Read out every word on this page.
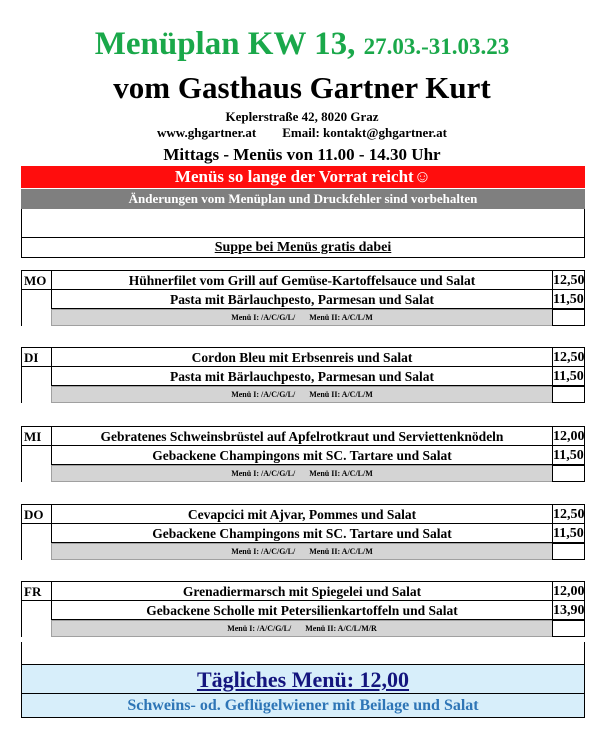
Menüplan KW 13, 27.03.-31.03.23
vom Gasthaus Gartner Kurt
Keplerstraße 42, 8020 Graz
www.ghgartner.at Email: kontakt@ghgartner.at
Mittags - Menüs von 11.00 - 14.30 Uhr
Menüs so lange der Vorrat reicht☺
Änderungen vom Menüplan und Druckfehler sind vorbehalten
Suppe bei Menüs gratis dabei
MO	Hühnerfilet vom Grill auf Gemüse-Kartoffelsauce und Salat	12,50
Pasta mit Bärlauchpesto, Parmesan und Salat	11,50
Menü I: /A/C/G/L/ Menü II: A/C/L/M
DI	Cordon Bleu mit Erbsenreis und Salat	12,50
Pasta mit Bärlauchpesto, Parmesan und Salat	11,50
Menü I: /A/C/G/L/ Menü II: A/C/L/M
MI	Gebratenes Schweinsbrüstel auf Apfelrotkraut und Serviettenknödeln	12,00
Gebackene Champingons mit SC. Tartare und Salat	11,50
Menü I: /A/C/G/L/ Menü II: A/C/L/M
DO	Cevapcici mit Ajvar, Pommes und Salat	12,50
Gebackene Champingons mit SC. Tartare und Salat	11,50
Menü I: /A/C/G/L/ Menü II: A/C/L/M
FR	Grenadiermarsch mit Spiegelei und Salat	12,00
Gebackene Scholle mit Petersilienkartoffeln und Salat	13,90
Menü I: /A/C/G/L/ Menü II: A/C/L/M/R
Tägliches Menü: 12,00
Schweins- od. Geflügelwiener mit Beilage und Salat
